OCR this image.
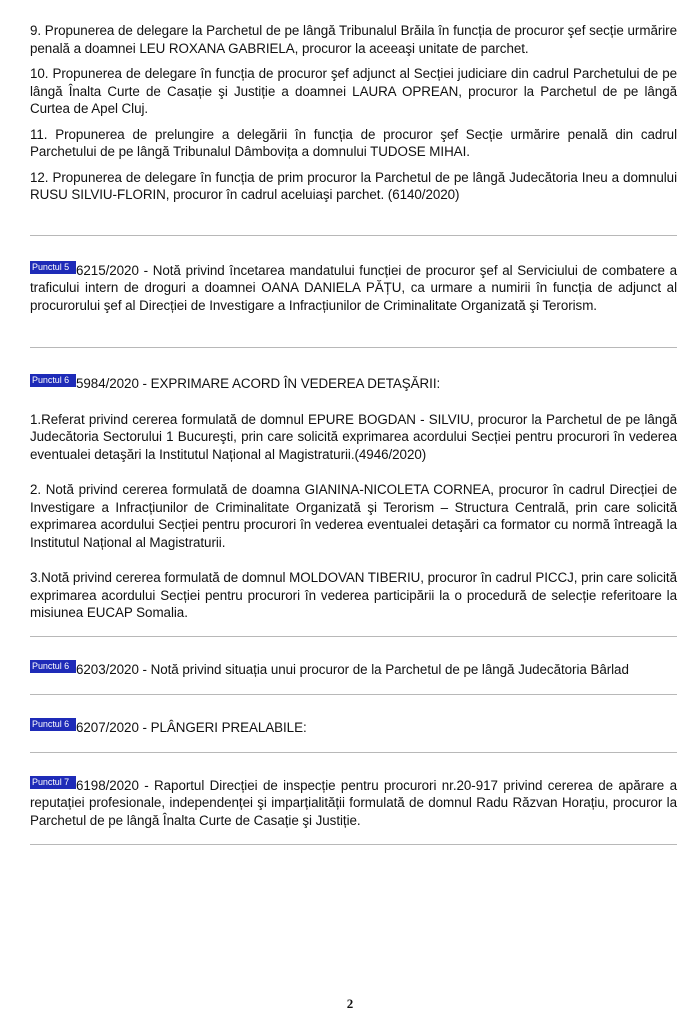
9. Propunerea de delegare la Parchetul de pe lângă Tribunalul Brăila în funcția de procuror şef secție urmărire penală a doamnei LEU ROXANA GABRIELA, procuror la aceeaşi unitate de parchet.

10. Propunerea de delegare în funcția de procuror şef adjunct al Secției judiciare din cadrul Parchetului de pe lângă Înalta Curte de Casație şi Justiție a doamnei LAURA OPREAN, procuror la Parchetul de pe lângă Curtea de Apel Cluj.

11. Propunerea de prelungire a delegării în funcția de procuror şef Secție urmărire penală din cadrul Parchetului de pe lângă Tribunalul Dâmbovița a domnului TUDOSE MIHAI.

12. Propunerea de delegare în funcția de prim procuror la Parchetul de pe lângă Judecătoria Ineu a domnului RUSU SILVIU-FLORIN, procuror în cadrul aceluiaşi parchet. (6140/2020)

Punctul 5 6215/2020 - Notă privind încetarea mandatului funcției de procuror şef al Serviciului de combatere a traficului intern de droguri a doamnei OANA DANIELA PĂȚU, ca urmare a numirii în funcția de adjunct al procurorului şef al Direcției de Investigare a Infracțiunilor de Criminalitate Organizată şi Terorism.

Punctul 6 5984/2020 - EXPRIMARE ACORD ÎN VEDEREA DETAŞĂRII:

1.Referat privind cererea formulată de domnul EPURE BOGDAN - SILVIU, procuror la Parchetul de pe lângă Judecătoria Sectorului 1 Bucureşti, prin care solicită exprimarea acordului Secției pentru procurori în vederea eventualei detaşări la Institutul Național al Magistraturii.(4946/2020)

2. Notă privind cererea formulată de doamna GIANINA-NICOLETA CORNEA, procuror în cadrul Direcției de Investigare a Infracțiunilor de Criminalitate Organizată şi Terorism – Structura Centrală, prin care solicită exprimarea acordului Secției pentru procurori în vederea eventualei detaşări ca formator cu normă întreagă la Institutul Național al Magistraturii.

3.Notă privind cererea formulată de domnul MOLDOVAN TIBERIU, procuror în cadrul PICCJ, prin care solicită exprimarea acordului Secției pentru procurori în vederea participării la o procedură de selecție referitoare la misiunea EUCAP Somalia.

Punctul 6 6203/2020 - Notă privind situația unui procuror de la Parchetul de pe lângă Judecătoria Bârlad

Punctul 6 6207/2020 - PLÂNGERI PREALABILE:

Punctul 7 6198/2020 - Raportul Direcției de inspecție pentru procurori nr.20-917 privind cererea de apărare a reputației profesionale, independenței şi imparțialității formulată de domnul Radu Răzvan Horațiu, procuror la Parchetul de pe lângă Înalta Curte de Casație şi Justiție.

2
